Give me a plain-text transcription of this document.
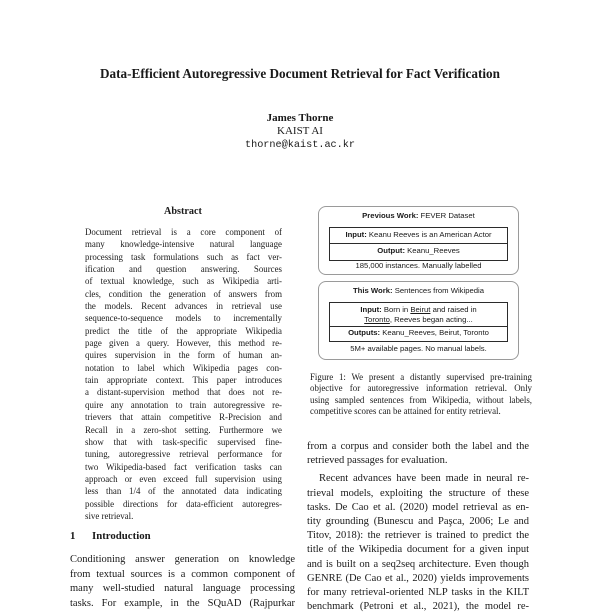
Data-Efficient Autoregressive Document Retrieval for Fact Verification
James Thorne
KAIST AI
thorne@kaist.ac.kr
Abstract
Document retrieval is a core component of
many knowledge-intensive natural language
processing task formulations such as fact ver-
ification and question answering. Sources
of textual knowledge, such as Wikipedia arti-
cles, condition the generation of answers from
the models. Recent advances in retrieval use
sequence-to-sequence models to incrementally
predict the title of the appropriate Wikipedia
page given a query. However, this method re-
quires supervision in the form of human an-
notation to label which Wikipedia pages con-
tain appropriate context. This paper introduces
a distant-supervision method that does not re-
quire any annotation to train autoregressive re-
trievers that attain competitive R-Precision and
Recall in a zero-shot setting. Furthermore we
show that with task-specific supervised fine-
tuning, autoregressive retrieval performance for
two Wikipedia-based fact verification tasks can
approach or even exceed full supervision using
less than 1/4 of the annotated data indicating
possible directions for data-efficient autoregres-
sive retrieval.
1 Introduction
Conditioning answer generation on knowledge
from textual sources is a common component of
many well-studied natural language processing
tasks. For example, in the SQuAD (Rajpurkar
Previous Work: FEVER Dataset
Input: Keanu Reeves is an American Actor
Output: Keanu_Reeves
185,000 instances. Manually labelled
This Work: Sentences from Wikipedia
Input: Born in Beirut and raised in
Toronto, Reeves began acting...
Outputs: Keanu_Reeves, Beirut, Toronto
5M+ available pages. No manual labels.
Figure 1: We present a distantly supervised pre-training
objective for autoregressive information retrieval. Only
using sampled sentences from Wikipedia, without labels,
competitive scores can be attained for entity retrieval.
from a corpus and consider both the label and the
retrieved passages for evaluation.
Recent advances have been made in neural re-
trieval models, exploiting the structure of these
tasks. De Cao et al. (2020) model retrieval as en-
tity grounding (Bunescu and Paşca, 2006; Le and
Titov, 2018): the retriever is trained to predict the
title of the Wikipedia document for a given input
and is built on a seq2seq architecture. Even though
GENRE (De Cao et al., 2020) yields improvements
for many retrieval-oriented NLP tasks in the KILT
benchmark (Petroni et al., 2021), the model re-
